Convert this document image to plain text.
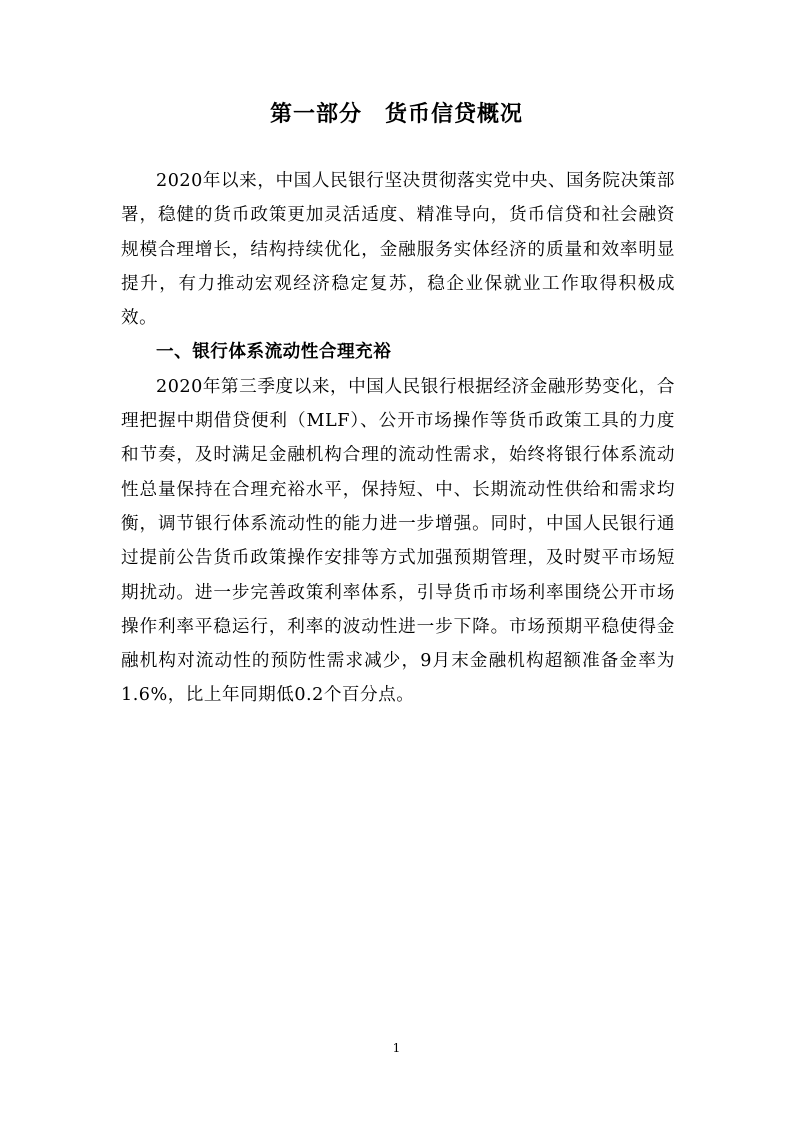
第一部分　货币信贷概况

2020年以来，中国人民银行坚决贯彻落实党中央、国务院决策部署，稳健的货币政策更加灵活适度、精准导向，货币信贷和社会融资规模合理增长，结构持续优化，金融服务实体经济的质量和效率明显提升，有力推动宏观经济稳定复苏，稳企业保就业工作取得积极成效。

一、银行体系流动性合理充裕

2020年第三季度以来，中国人民银行根据经济金融形势变化，合理把握中期借贷便利（MLF）、公开市场操作等货币政策工具的力度和节奏，及时满足金融机构合理的流动性需求，始终将银行体系流动性总量保持在合理充裕水平，保持短、中、长期流动性供给和需求均衡，调节银行体系流动性的能力进一步增强。同时，中国人民银行通过提前公告货币政策操作安排等方式加强预期管理，及时熨平市场短期扰动。进一步完善政策利率体系，引导货币市场利率围绕公开市场操作利率平稳运行，利率的波动性进一步下降。市场预期平稳使得金融机构对流动性的预防性需求减少，9月末金融机构超额准备金率为1.6%，比上年同期低0.2个百分点。

1
